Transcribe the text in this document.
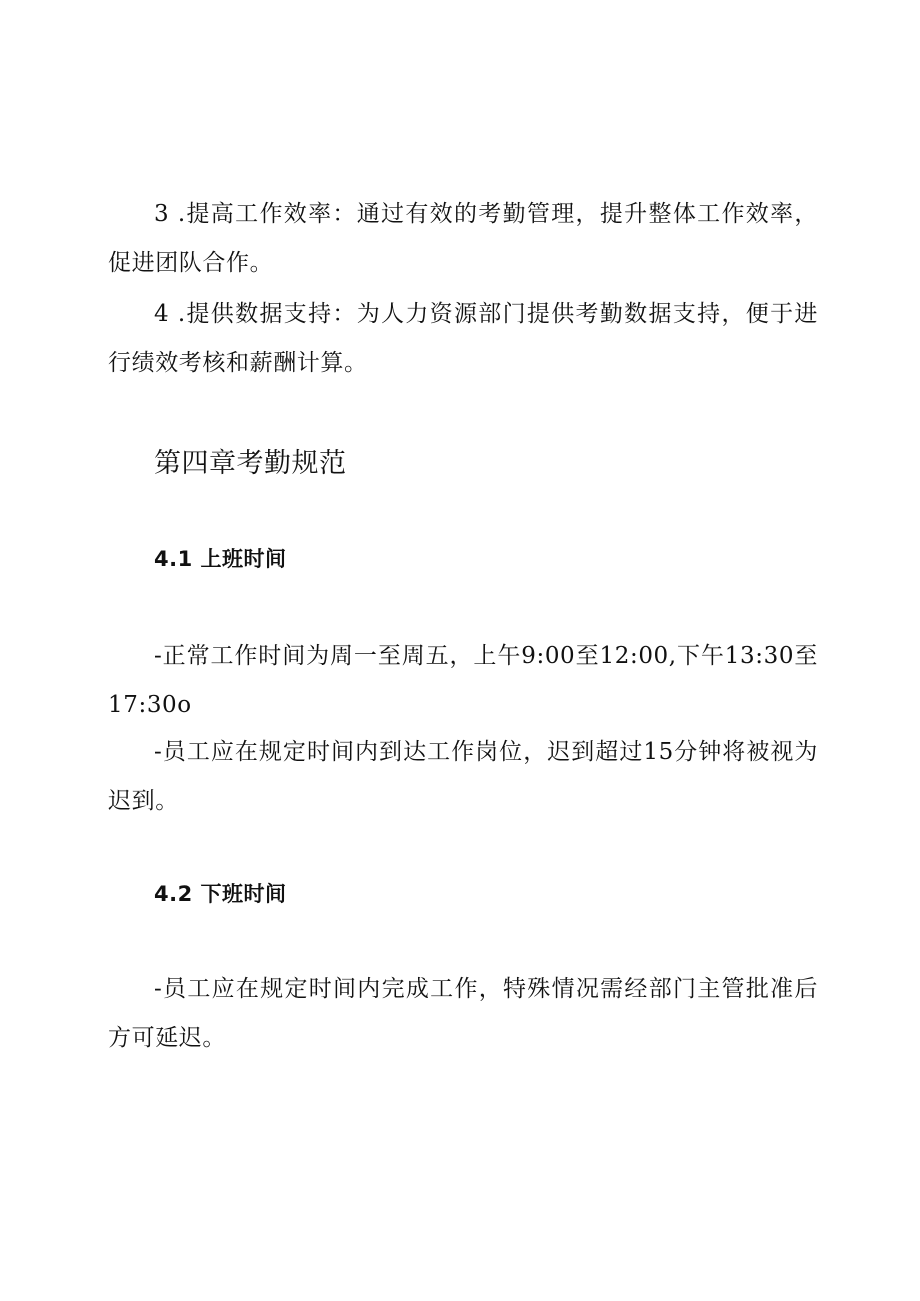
3 .提高工作效率：通过有效的考勤管理，提升整体工作效率，促进团队合作。

4 .提供数据支持：为人力资源部门提供考勤数据支持，便于进行绩效考核和薪酬计算。

第四章考勤规范
4.1 上班时间

-正常工作时间为周一至周五，上午9:00至12:00,下午13:30至17:30o

-员工应在规定时间内到达工作岗位，迟到超过15分钟将被视为迟到。

4.2 下班时间

-员工应在规定时间内完成工作，特殊情况需经部门主管批准后方可延迟。
